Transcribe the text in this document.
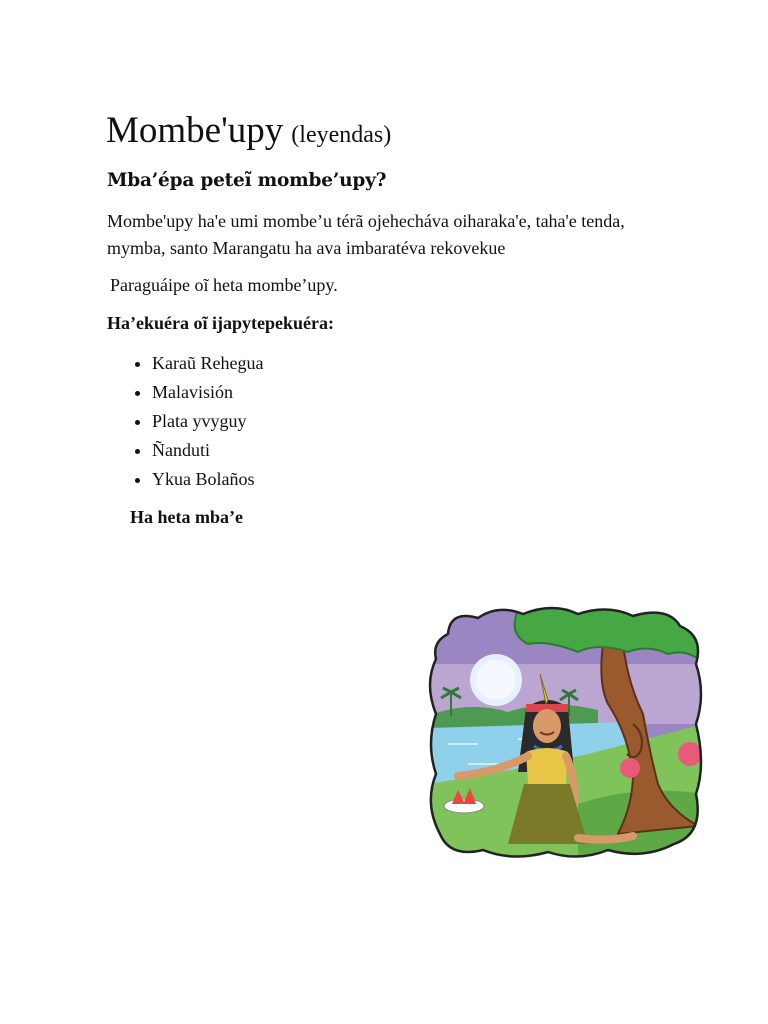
Mombe'upy (leyendas)
Mba’épa peteĩ mombe’upy?

Mombe'upy ha'e umi mombe’u térã ojehecháva oiharaka'e, taha'e tenda, mymba, santo Marangatu ha ava imbaratéva rekovekue

Paraguáipe oĩ heta mombe’upy.

Ha’ekuéra oĩ ijapytepekuéra:

• Karaũ Rehegua
• Malavisión
• Plata yvyguy
• Ñanduti
• Ykua Bolaños

Ha heta mba’e
